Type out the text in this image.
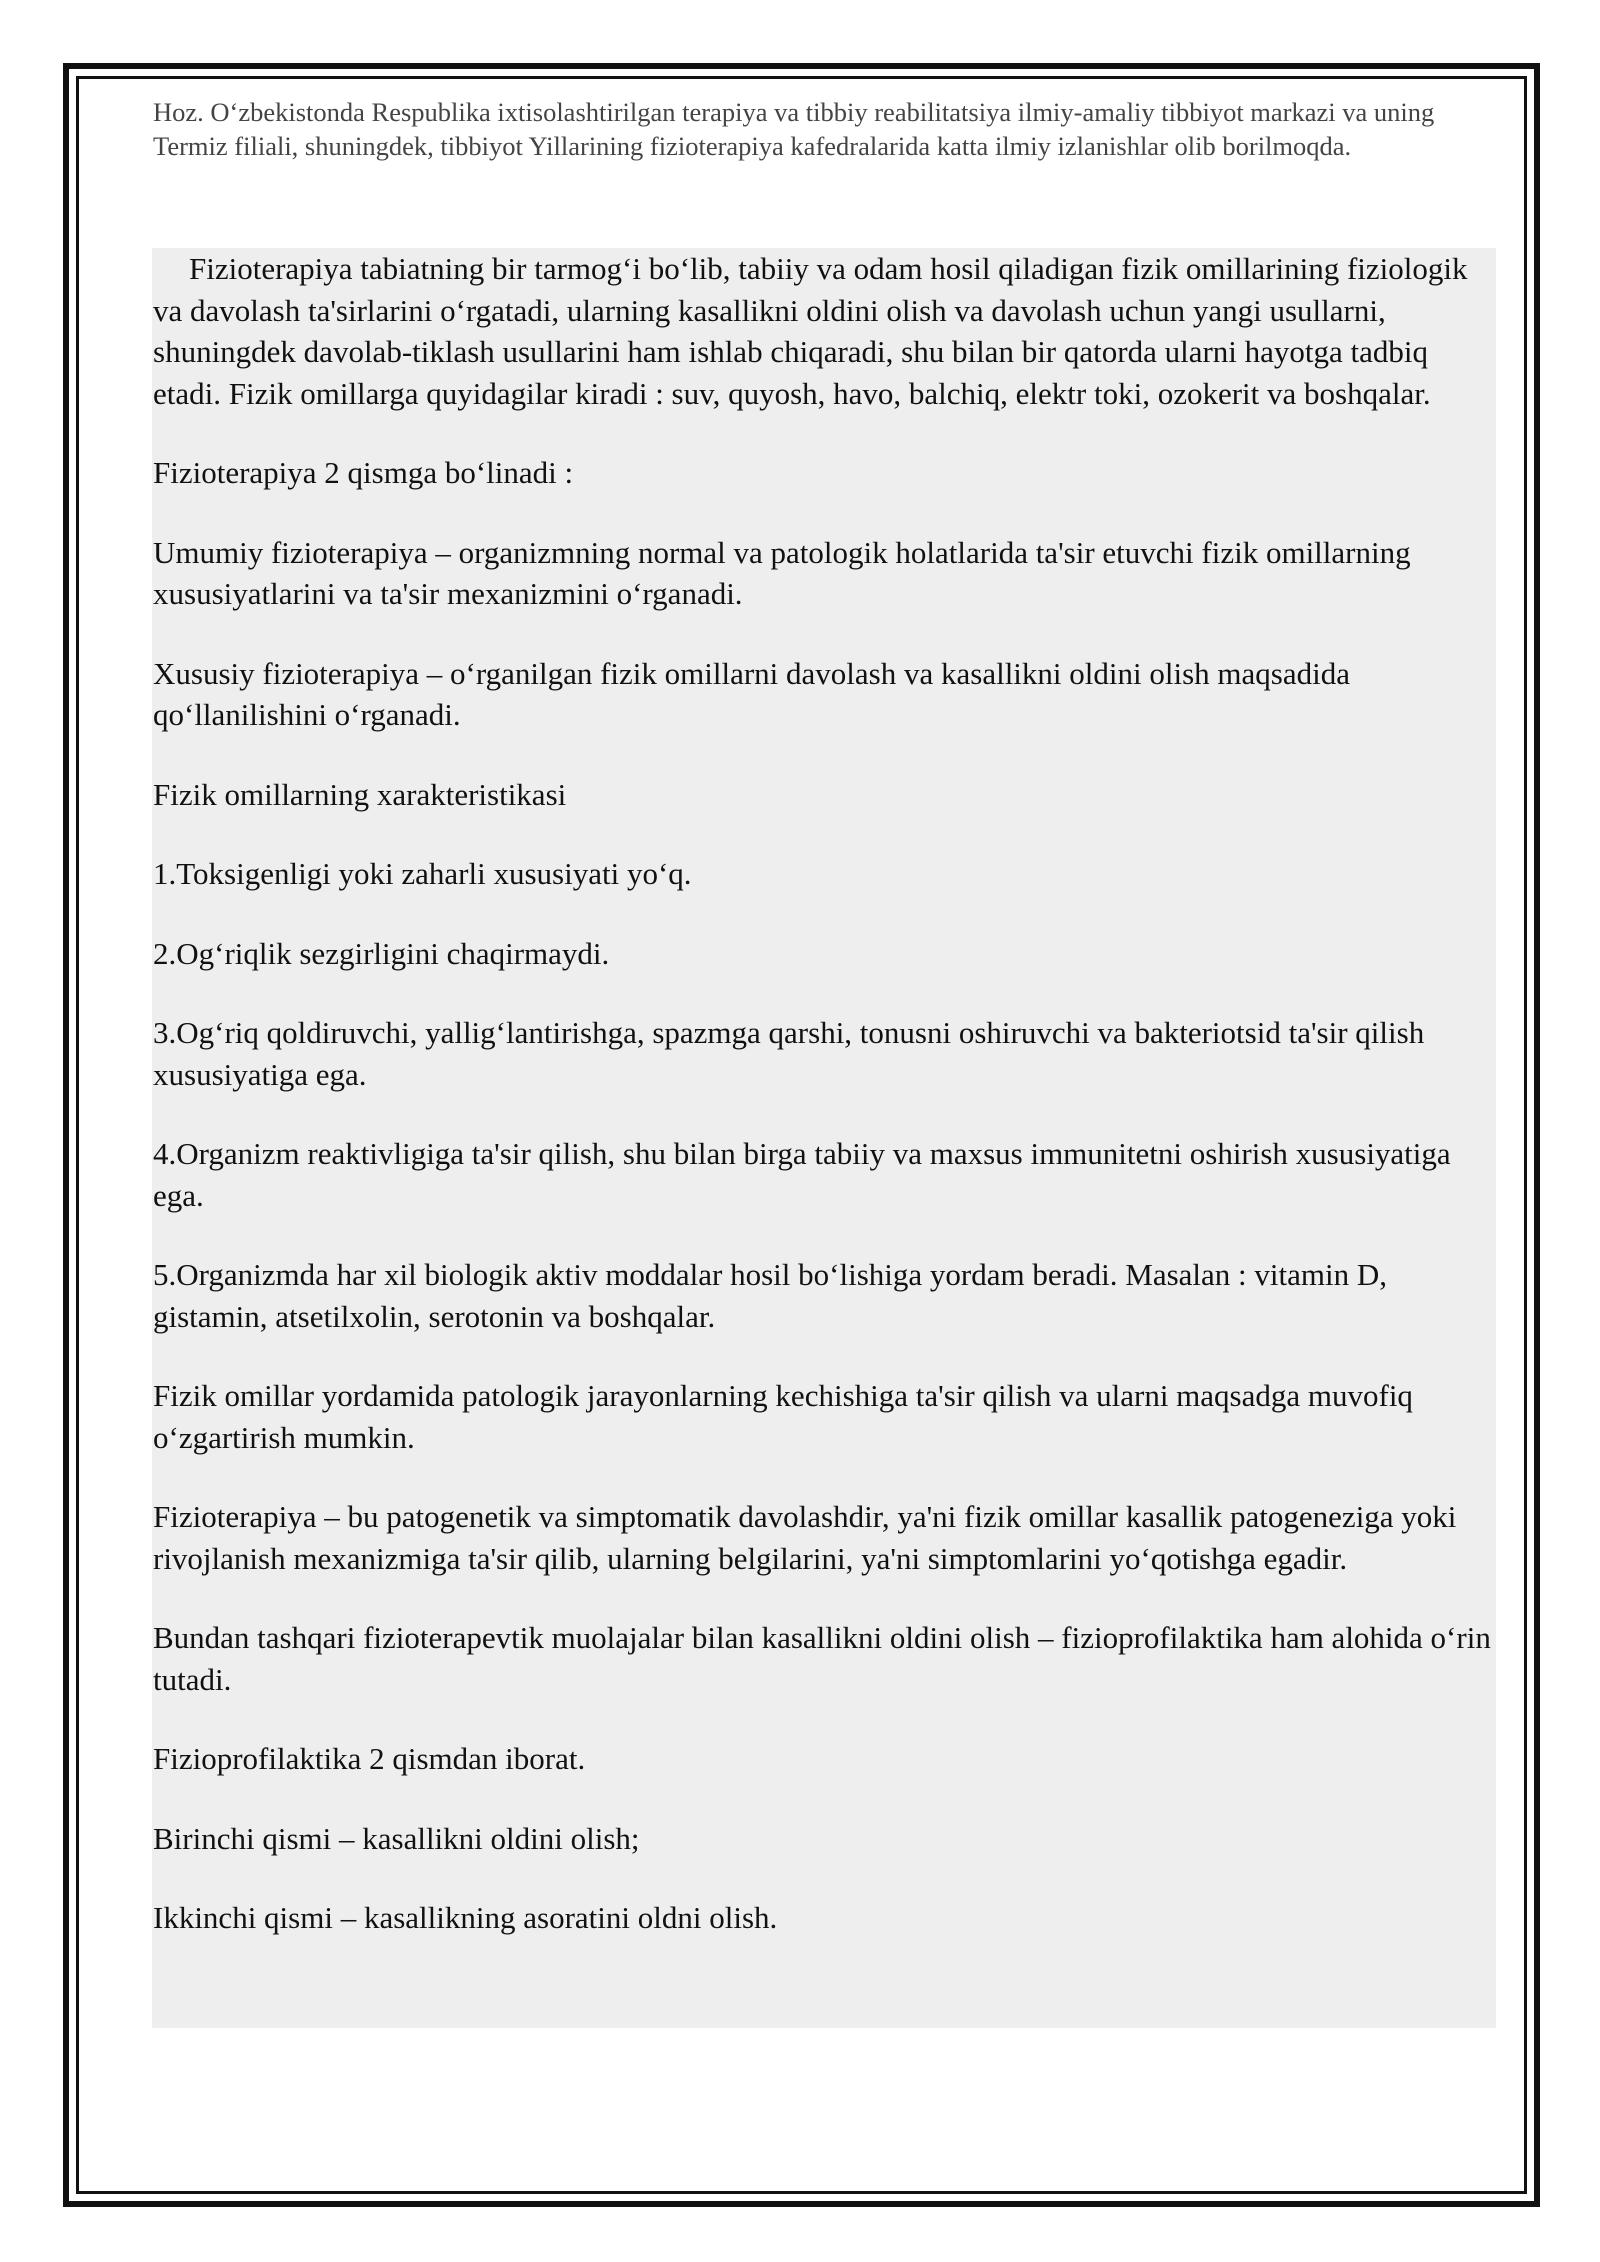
Hoz. O‘zbekistonda Respublika ixtisolashtirilgan terapiya va tibbiy reabilitatsiya ilmiy-amaliy tibbiyot markazi va uning Termiz filiali, shuningdek, tibbiyot Yillarining fizioterapiya kafedralarida katta ilmiy izlanishlar olib borilmoqda.

Fizioterapiya tabiatning bir tarmog‘i bo‘lib, tabiiy va odam hosil qiladigan fizik omillarining fiziologik va davolash ta'sirlarini o‘rgatadi, ularning kasallikni oldini olish va davolash uchun yangi usullarni, shuningdek davolab-tiklash usullarini ham ishlab chiqaradi, shu bilan bir qatorda ularni hayotga tadbiq etadi. Fizik omillarga quyidagilar kiradi : suv, quyosh, havo, balchiq, elektr toki, ozokerit va boshqalar.

Fizioterapiya 2 qismga bo‘linadi :

Umumiy fizioterapiya – organizmning normal va patologik holatlarida ta'sir etuvchi fizik omillarning xususiyatlarini va ta'sir mexanizmini o‘rganadi.

Xususiy fizioterapiya – o‘rganilgan fizik omillarni davolash va kasallikni oldini olish maqsadida qo‘llanilishini o‘rganadi.

Fizik omillarning xarakteristikasi

1.Toksigenligi yoki zaharli xususiyati yo‘q.

2.Og‘riqlik sezgirligini chaqirmaydi.

3.Og‘riq qoldiruvchi, yallig‘lantirishga, spazmga qarshi, tonusni oshiruvchi va bakteriotsid ta'sir qilish xususiyatiga ega.

4.Organizm reaktivligiga ta'sir qilish, shu bilan birga tabiiy va maxsus immunitetni oshirish xususiyatiga ega.

5.Organizmda har xil biologik aktiv moddalar hosil bo‘lishiga yordam beradi. Masalan : vitamin D, gistamin, atsetilxolin, serotonin va boshqalar.

Fizik omillar yordamida patologik jarayonlarning kechishiga ta'sir qilish va ularni maqsadga muvofiq o‘zgartirish mumkin.

Fizioterapiya – bu patogenetik va simptomatik davolashdir, ya'ni fizik omillar kasallik patogeneziga yoki rivojlanish mexanizmiga ta'sir qilib, ularning belgilarini, ya'ni simptomlarini yo‘qotishga egadir.

Bundan tashqari fizioterapevtik muolajalar bilan kasallikni oldini olish – fizioprofilaktika ham alohida o‘rin tutadi.

Fizioprofilaktika 2 qismdan iborat.

Birinchi qismi – kasallikni oldini olish;

Ikkinchi qismi – kasallikning asoratini oldni olish.
